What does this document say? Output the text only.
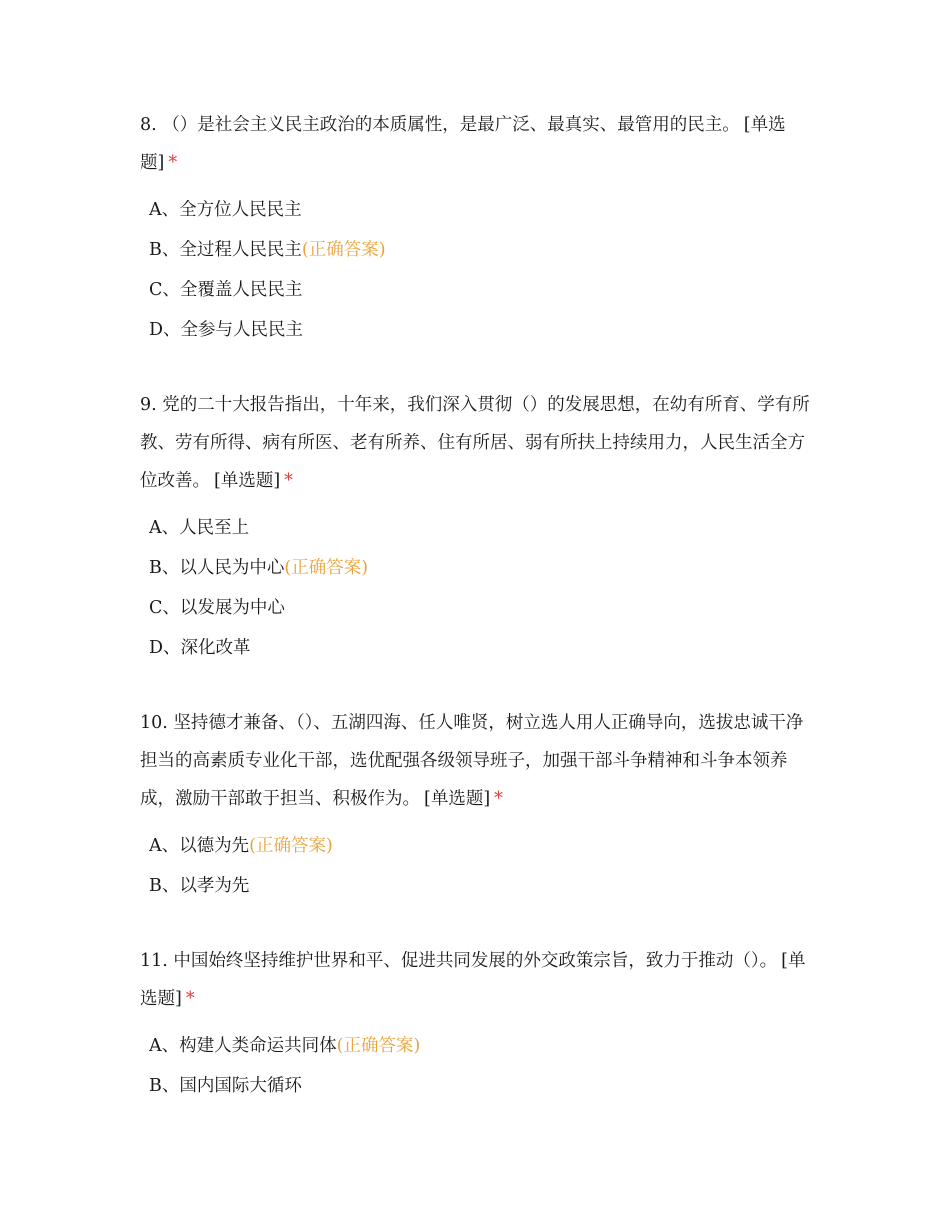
8. （）是社会主义民主政治的本质属性，是最广泛、最真实、最管用的民主。 [单选题] *

A、全方位人民民主
B、全过程人民民主(正确答案)
C、全覆盖人民民主
D、全参与人民民主

9. 党的二十大报告指出，十年来，我们深入贯彻（）的发展思想，在幼有所育、学有所教、劳有所得、病有所医、老有所养、住有所居、弱有所扶上持续用力，人民生活全方位改善。 [单选题] *

A、人民至上
B、以人民为中心(正确答案)
C、以发展为中心
D、深化改革

10. 坚持德才兼备、（）、五湖四海、任人唯贤，树立选人用人正确导向，选拔忠诚干净担当的高素质专业化干部，选优配强各级领导班子，加强干部斗争精神和斗争本领养成，激励干部敢于担当、积极作为。 [单选题] *

A、以德为先(正确答案)
B、以孝为先

11. 中国始终坚持维护世界和平、促进共同发展的外交政策宗旨，致力于推动（）。 [单选题] *

A、构建人类命运共同体(正确答案)
B、国内国际大循环
